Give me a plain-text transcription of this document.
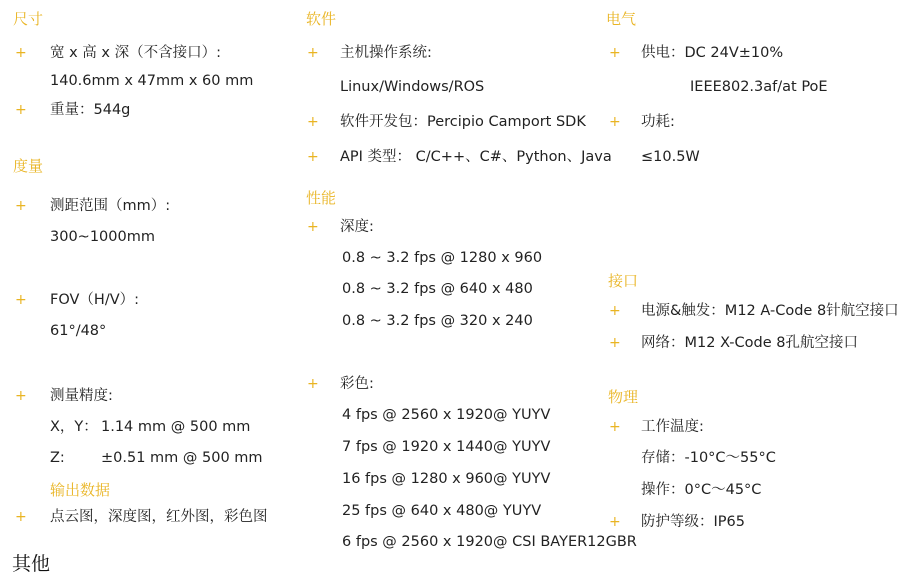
尺寸
+ 宽 x 高 x 深（不含接口）:
140.6mm x 47mm x 60 mm
+ 重量：544g
度量
+ 测距范围（mm）:
300~1000mm
+ FOV（H/V）:
61°/48°
+ 测量精度:
X，Y： 1.14 mm @ 500 mm
Z: ±0.51 mm @ 500 mm
输出数据
+ 点云图，深度图，红外图，彩色图
其他
软件
+ 主机操作系统:
Linux/Windows/ROS
+ 软件开发包：Percipio Camport SDK
+ API 类型： C/C++、C#、Python、Java
性能
+ 深度:
0.8 ~ 3.2 fps @ 1280 x 960
0.8 ~ 3.2 fps @ 640 x 480
0.8 ~ 3.2 fps @ 320 x 240
+ 彩色:
4 fps @ 2560 x 1920@ YUYV
7 fps @ 1920 x 1440@ YUYV
16 fps @ 1280 x 960@ YUYV
25 fps @ 640 x 480@ YUYV
6 fps @ 2560 x 1920@ CSI BAYER12GBR
电气
+ 供电：DC 24V±10%
IEEE802.3af/at PoE
+ 功耗:
≤10.5W
接口
+ 电源&触发：M12 A-Code 8针航空接口
+ 网络：M12 X-Code 8孔航空接口
物理
+ 工作温度:
存储：-10°C～55°C
操作：0°C～45°C
+ 防护等级：IP65
